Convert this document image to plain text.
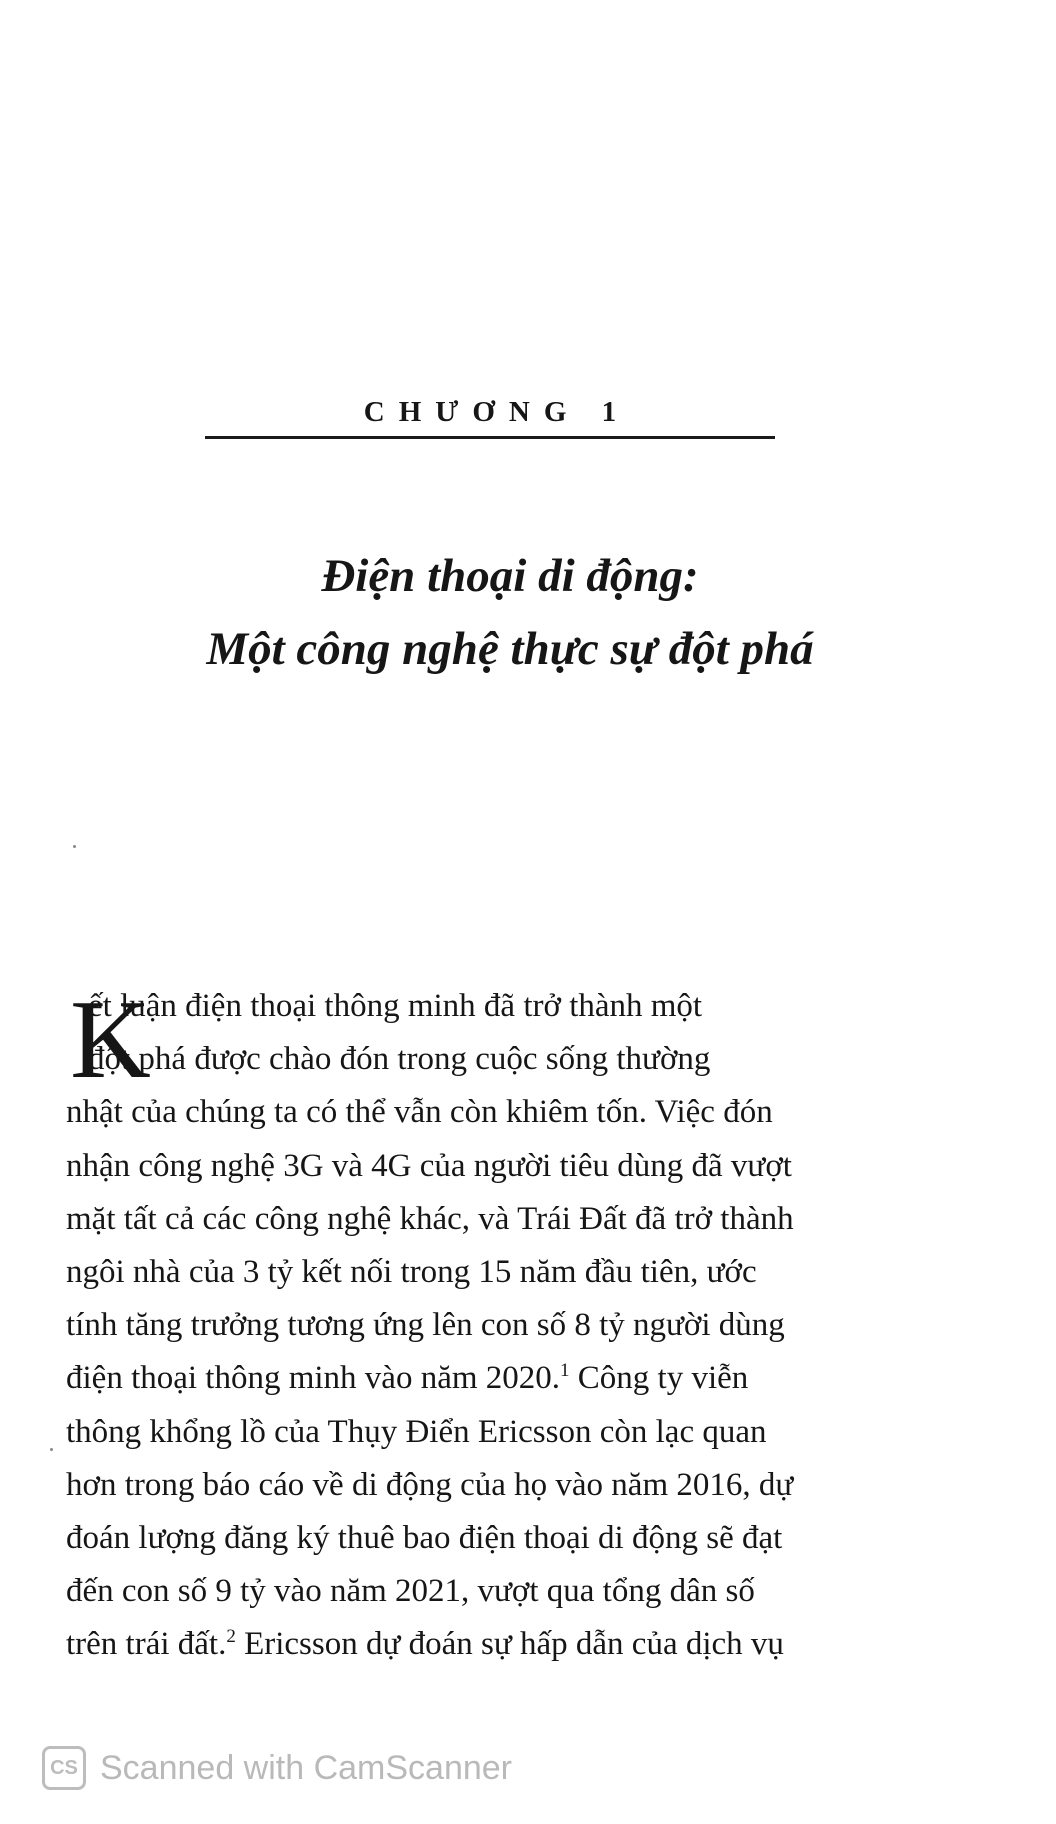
CHƯƠNG 1
Điện thoại di động:
Một công nghệ thực sự đột phá
K
ết luận điện thoại thông minh đã trở thành một
đột phá được chào đón trong cuộc sống thường
nhật của chúng ta có thể vẫn còn khiêm tốn. Việc đón
nhận công nghệ 3G và 4G của người tiêu dùng đã vượt
mặt tất cả các công nghệ khác, và Trái Đất đã trở thành
ngôi nhà của 3 tỷ kết nối trong 15 năm đầu tiên, ước
tính tăng trưởng tương ứng lên con số 8 tỷ người dùng
điện thoại thông minh vào năm 2020.$^1$ Công ty viễn
thông khổng lồ của Thụy Điển Ericsson còn lạc quan
hơn trong báo cáo về di động của họ vào năm 2016, dự
đoán lượng đăng ký thuê bao điện thoại di động sẽ đạt
đến con số 9 tỷ vào năm 2021, vượt qua tổng dân số
trên trái đất.$^2$ Ericsson dự đoán sự hấp dẫn của dịch vụ
CS Scanned with CamScanner
